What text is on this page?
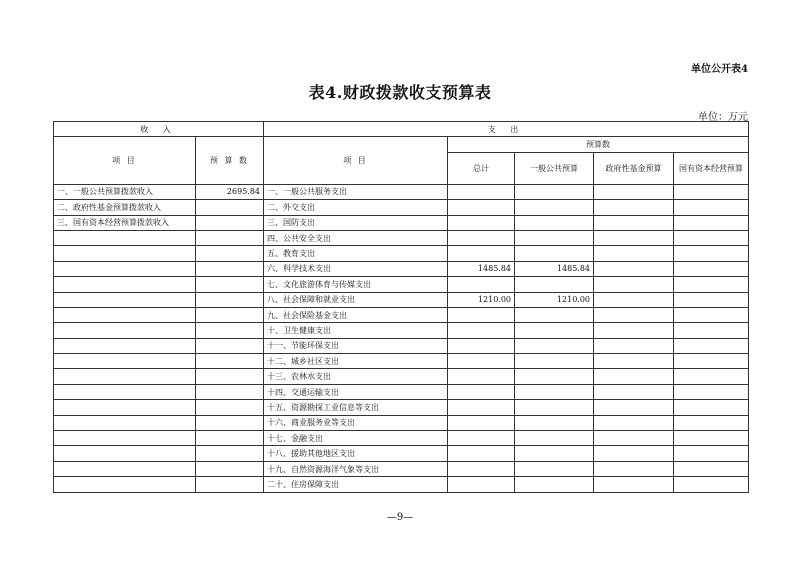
单位公开表4
表4.财政拨款收支预算表
单位：万元
收 入		支 出				
项 目	预 算 数	项 目	预算数			
			总计	一般公共预算	政府性基金预算	国有资本经营预算
一、一般公共预算拨款收入	2695.84	一、一般公共服务支出				
二、政府性基金预算拨款收入		二、外交支出				
三、国有资本经营预算拨款收入		三、国防支出				
		四、公共安全支出				
		五、教育支出				
		六、科学技术支出	1485.84	1485.84		
		七、文化旅游体育与传媒支出				
		八、社会保障和就业支出	1210.00	1210.00		
		九、社会保险基金支出				
		十、卫生健康支出				
		十一、节能环保支出				
		十二、城乡社区支出				
		十三、农林水支出				
		十四、交通运输支出				
		十五、资源勘探工业信息等支出				
		十六、商业服务业等支出				
		十七、金融支出				
		十八、援助其他地区支出				
		十九、自然资源海洋气象等支出				
		二十、住房保障支出				
—9—
